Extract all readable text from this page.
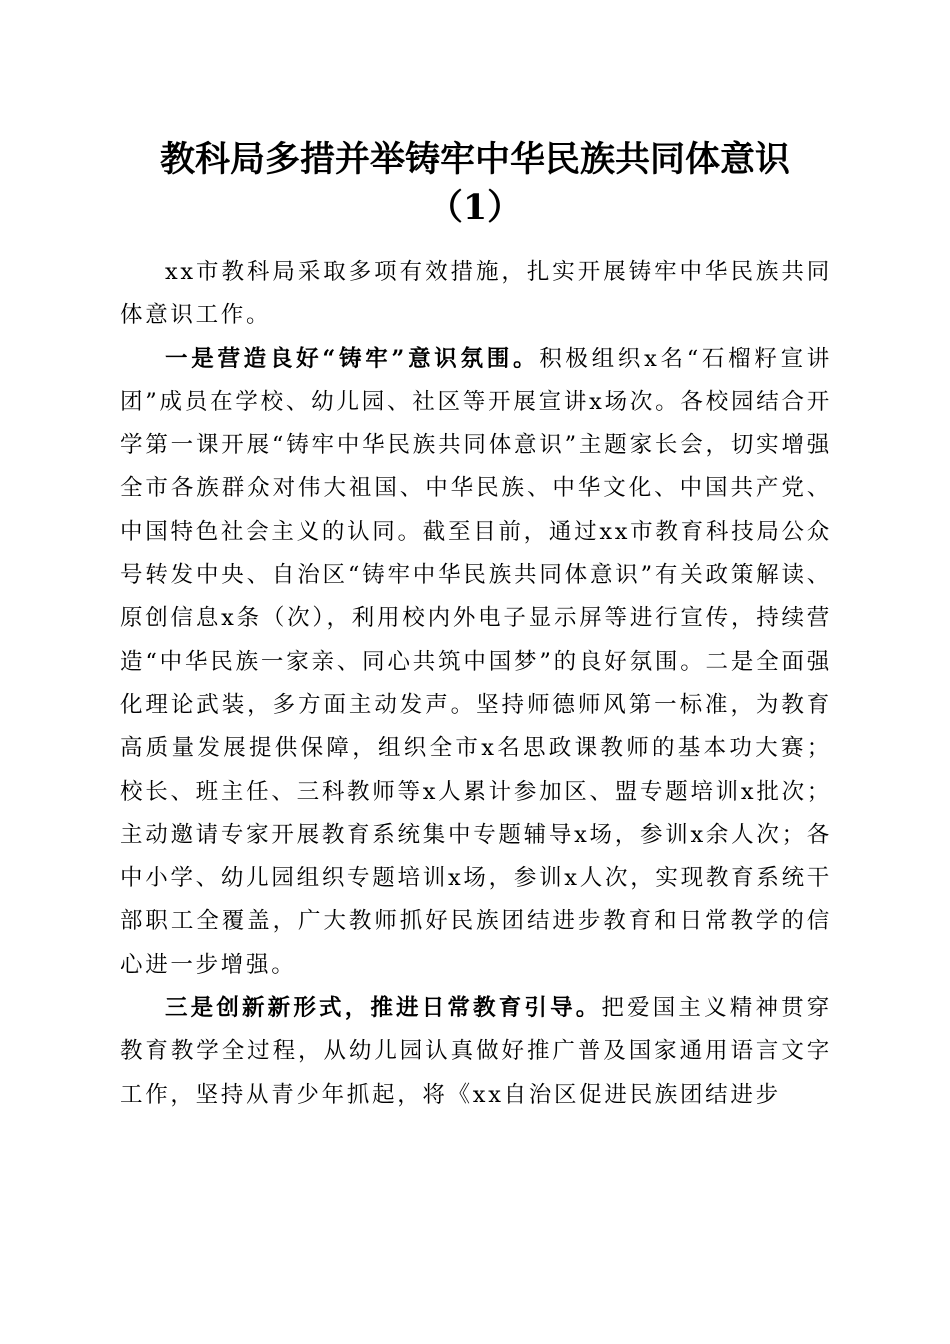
教科局多措并举铸牢中华民族共同体意识
（1）

xx市教科局采取多项有效措施，扎实开展铸牢中华民族共同体意识工作。

一是营造良好“铸牢”意识氛围。积极组织x名“石榴籽宣讲团”成员在学校、幼儿园、社区等开展宣讲x场次。各校园结合开学第一课开展“铸牢中华民族共同体意识”主题家长会，切实增强全市各族群众对伟大祖国、中华民族、中华文化、中国共产党、中国特色社会主义的认同。截至目前，通过xx市教育科技局公众号转发中央、自治区“铸牢中华民族共同体意识”有关政策解读、原创信息x条（次），利用校内外电子显示屏等进行宣传，持续营造“中华民族一家亲、同心共筑中国梦”的良好氛围。二是全面强化理论武装，多方面主动发声。坚持师德师风第一标准，为教育高质量发展提供保障，组织全市x名思政课教师的基本功大赛；校长、班主任、三科教师等x人累计参加区、盟专题培训x批次；主动邀请专家开展教育系统集中专题辅导x场，参训x余人次；各中小学、幼儿园组织专题培训x场，参训x人次，实现教育系统干部职工全覆盖，广大教师抓好民族团结进步教育和日常教学的信心进一步增强。

三是创新新形式，推进日常教育引导。把爱国主义精神贯穿教育教学全过程，从幼儿园认真做好推广普及国家通用语言文字工作，坚持从青少年抓起，将《xx自治区促进民族团结进步
